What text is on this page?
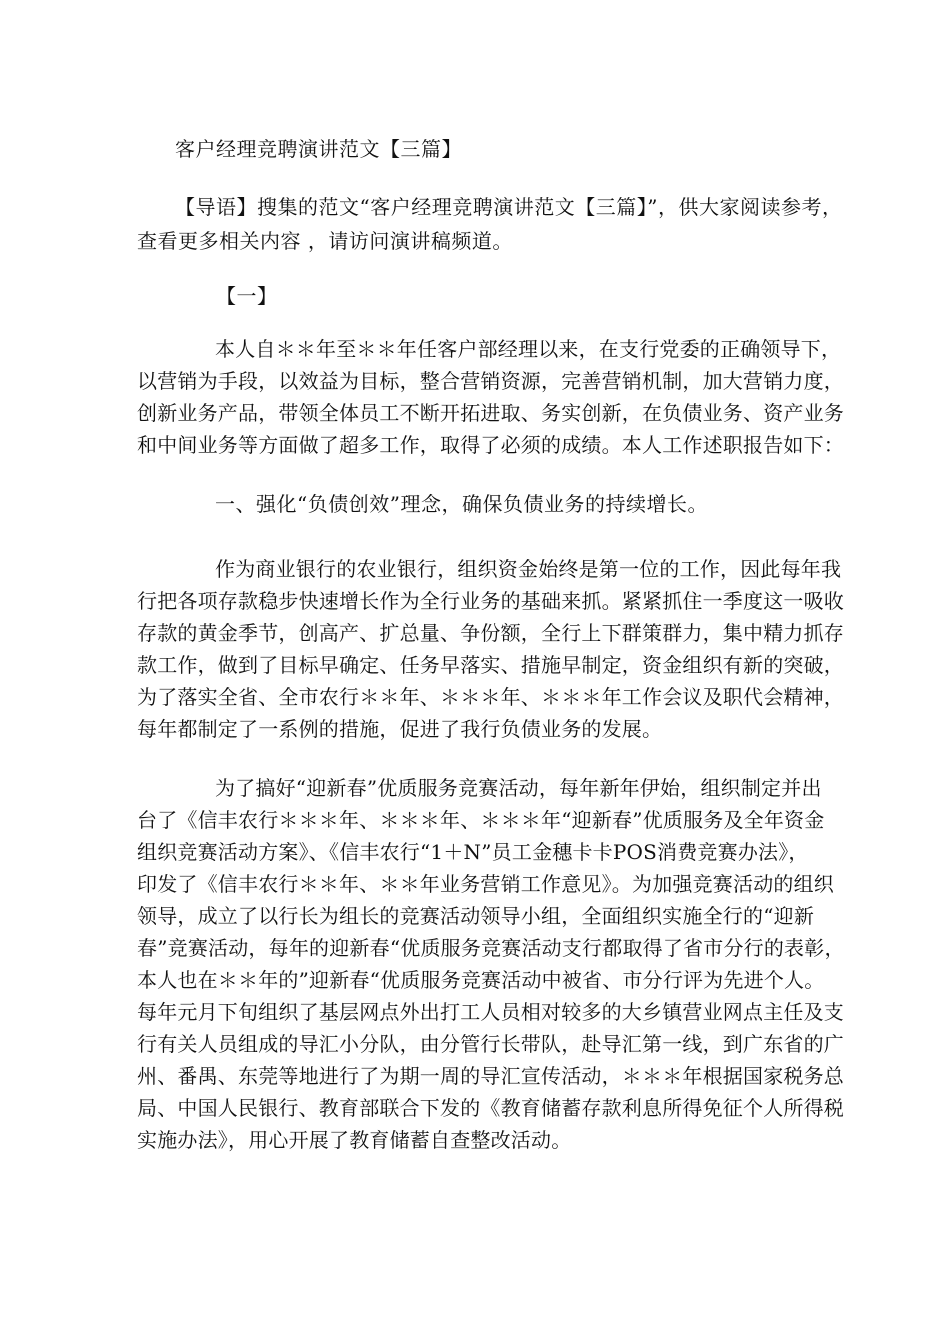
客户经理竞聘演讲范文【三篇】
【导语】搜集的范文“客户经理竞聘演讲范文【三篇】”，供大家阅读参考，
查看更多相关内容 ，请访问演讲稿频道。
【一】
本人自＊＊年至＊＊年任客户部经理以来，在支行党委的正确领导下，
以营销为手段，以效益为目标，整合营销资源，完善营销机制，加大营销力度，
创新业务产品，带领全体员工不断开拓进取、务实创新，在负债业务、资产业务
和中间业务等方面做了超多工作，取得了必须的成绩。本人工作述职报告如下：
一、强化“负债创效”理念，确保负债业务的持续增长。
作为商业银行的农业银行，组织资金始终是第一位的工作，因此每年我
行把各项存款稳步快速增长作为全行业务的基础来抓。紧紧抓住一季度这一吸收
存款的黄金季节，创高产、扩总量、争份额，全行上下群策群力，集中精力抓存
款工作，做到了目标早确定、任务早落实、措施早制定，资金组织有新的突破，
为了落实全省、全市农行＊＊年、＊＊＊年、＊＊＊年工作会议及职代会精神，
每年都制定了一系例的措施，促进了我行负债业务的发展。
为了搞好“迎新春”优质服务竞赛活动，每年新年伊始，组织制定并出
台了《信丰农行＊＊＊年、＊＊＊年、＊＊＊年“迎新春”优质服务及全年资金
组织竞赛活动方案》、《信丰农行“1＋N”员工金穗卡卡POS消费竞赛办法》，
印发了《信丰农行＊＊年、＊＊年业务营销工作意见》。为加强竞赛活动的组织
领导，成立了以行长为组长的竞赛活动领导小组，全面组织实施全行的“迎新
春”竞赛活动，每年的迎新春“优质服务竞赛活动支行都取得了省市分行的表彰，
本人也在＊＊年的”迎新春“优质服务竞赛活动中被省、市分行评为先进个人。
每年元月下旬组织了基层网点外出打工人员相对较多的大乡镇营业网点主任及支
行有关人员组成的导汇小分队，由分管行长带队，赴导汇第一线，到广东省的广
州、番禺、东莞等地进行了为期一周的导汇宣传活动，＊＊＊年根据国家税务总
局、中国人民银行、教育部联合下发的《教育储蓄存款利息所得免征个人所得税
实施办法》，用心开展了教育储蓄自查整改活动。
